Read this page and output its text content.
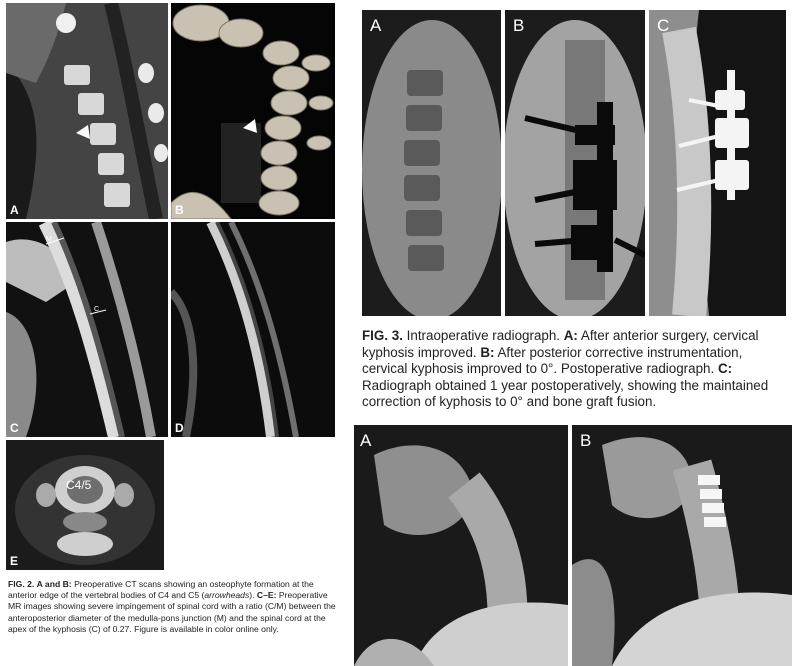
A	B
M
C
C	D
C4/5
E
FIG. 2. A and B: Preoperative CT scans showing an osteophyte formation at the anterior edge of the vertebral bodies of C4 and C5 (arrowheads). C–E: Preoperative MR images showing severe impingement of spinal cord with a ratio (C/M) between the anteroposterior diameter of the medulla-pons junction (M) and the spinal cord at the apex of the kyphosis (C) of 0.27. Figure is available in color online only.
A	B	C
FIG. 3. Intraoperative radiograph. A: After anterior surgery, cervical kyphosis improved. B: After posterior corrective instrumentation, cervical kyphosis improved to 0°. Postoperative radiograph. C: Radiograph obtained 1 year postoperatively, showing the maintained correction of kyphosis to 0° and bone graft fusion.
A	B
